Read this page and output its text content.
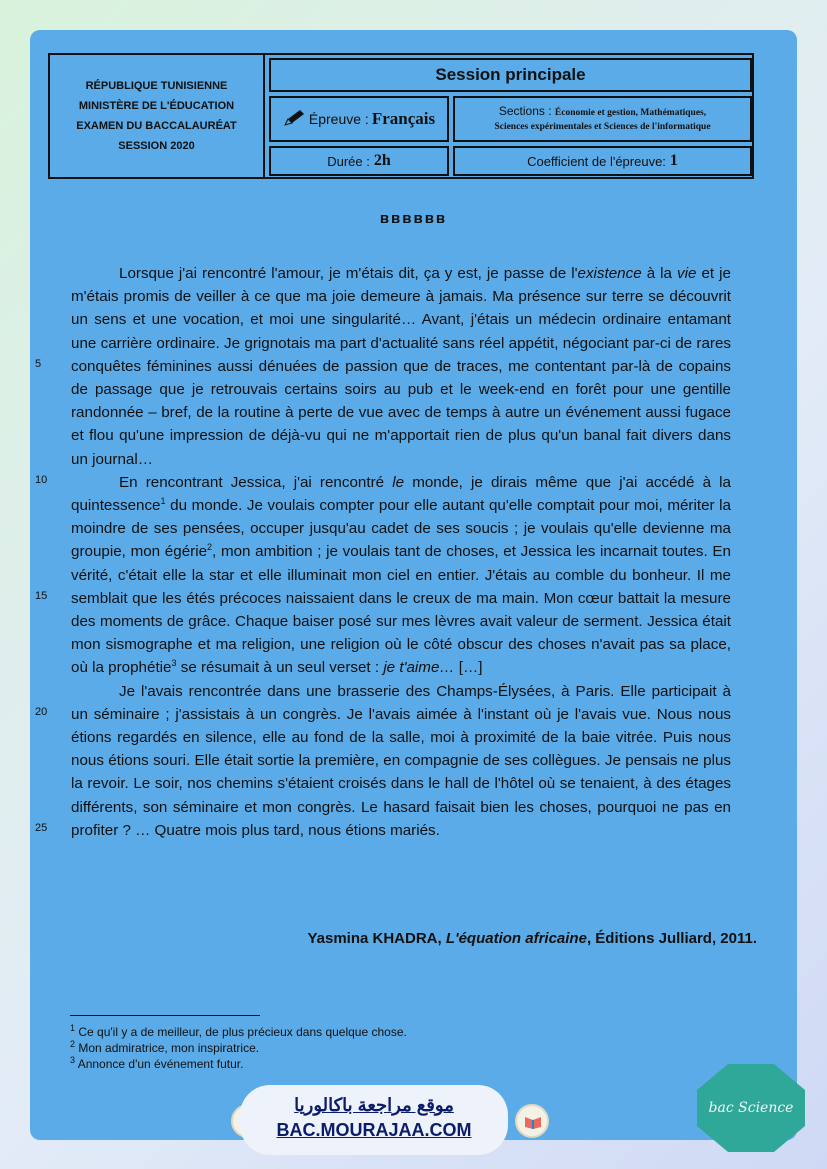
RÉPUBLIQUE TUNISIENNE
MINISTÈRE DE L'ÉDUCATION
EXAMEN DU BACCALAURÉAT
SESSION 2020
Session principale
Épreuve : Français	Sections : Économie et gestion, Mathématiques,
Sciences expérimentales et Sciences de l'informatique
Durée : 2h	Coefficient de l'épreuve: 1
ʙʙʙʙʙʙ
5
10
15
20
25

Lorsque j'ai rencontré l'amour, je m'étais dit, ça y est, je passe de l'existence à la vie et je m'étais promis de veiller à ce que ma joie demeure à jamais. Ma présence sur terre se découvrit un sens et une vocation, et moi une singularité… Avant, j'étais un médecin ordinaire entamant une carrière ordinaire. Je grignotais ma part d'actualité sans réel appétit, négociant par-ci de rares conquêtes féminines aussi dénuées de passion que de traces, me contentant par-là de copains de passage que je retrouvais certains soirs au pub et le week-end en forêt pour une gentille randonnée – bref, de la routine à perte de vue avec de temps à autre un événement aussi fugace et flou qu'une impression de déjà-vu qui ne m'apportait rien de plus qu'un banal fait divers dans un journal…

En rencontrant Jessica, j'ai rencontré le monde, je dirais même que j'ai accédé à la quintessence$^1$ du monde. Je voulais compter pour elle autant qu'elle comptait pour moi, mériter la moindre de ses pensées, occuper jusqu'au cadet de ses soucis ; je voulais qu'elle devienne ma groupie, mon égérie$^2$, mon ambition ; je voulais tant de choses, et Jessica les incarnait toutes. En vérité, c'était elle la star et elle illuminait mon ciel en entier. J'étais au comble du bonheur. Il me semblait que les étés précoces naissaient dans le creux de ma main. Mon cœur battait la mesure des moments de grâce. Chaque baiser posé sur mes lèvres avait valeur de serment. Jessica était mon sismographe et ma religion, une religion où le côté obscur des choses n'avait pas sa place, où la prophétie$^3$ se résumait à un seul verset : je t'aime… […]

Je l'avais rencontrée dans une brasserie des Champs-Élysées, à Paris. Elle participait à un séminaire ; j'assistais à un congrès. Je l'avais aimée à l'instant où je l'avais vue. Nous nous étions regardés en silence, elle au fond de la salle, moi à proximité de la baie vitrée. Puis nous nous étions souri. Elle était sortie la première, en compagnie de ses collègues. Je pensais ne plus la revoir. Le soir, nos chemins s'étaient croisés dans le hall de l'hôtel où se tenaient, à des étages différents, son séminaire et mon congrès. Le hasard faisait bien les choses, pourquoi ne pas en profiter ? … Quatre mois plus tard, nous étions mariés.

Yasmina KHADRA, L'équation africaine, Éditions Julliard, 2011.
$^1$ Ce qu'il y a de meilleur, de plus précieux dans quelque chose.
$^2$ Mon admiratrice, mon inspiratrice.
$^3$ Annonce d'un événement futur.
موقع مراجعة باكالوريا
BAC.MOURAJAA.COM
bac Science
